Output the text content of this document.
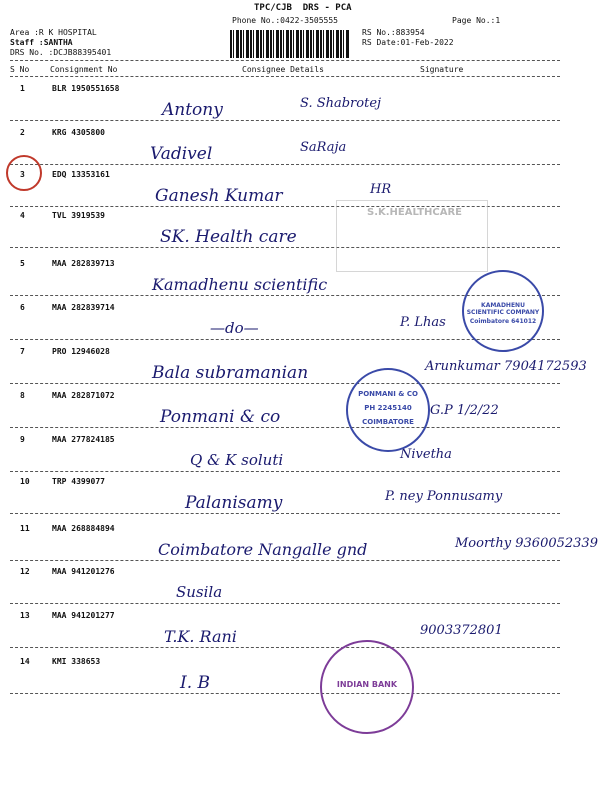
TPC/CJB  DRS - PCA
Phone No.:0422-3505555	Page No.:1
Area :R K HOSPITAL
Staff :SANTHA
DRS No. :DCJB88395401
RS No.:883954
RS Date:01-Feb-2022
S No	Consignment No	Consignee Details	Signature
1	BLR 1950551658
Antony	S. Shabrotej
2	KRG 4305800
Vadivel	SaRaja
3	EDQ 13353161
Ganesh Kumar	HR
4	TVL 3919539
SK. Health care
5	MAA 282839713
Kamadhenu scientific
6	MAA 282839714
—do—	P. Lhas
7	PRO 12946028
Bala subramanian	Arunkumar 7904172593
8	MAA 282871072
Ponmani & co	G.P 1/2/22
9	MAA 277824185
Q & K soluti	Nivetha
10	TRP 4399077
Palanisamy	P. ney Ponnusamy
11	MAA 268884894
Coimbatore Nangalle gnd	Moorthy 9360052339
12	MAA 941201276
Susila
13	MAA 941201277
T.K. Rani	9003372801
14	KMI 338653
I. B
S.K.HEALTHCARE
KAMADHENU SCIENTIFIC COMPANY
Coimbatore 641012
PONMANI & CO
PH 2245140
COIMBATORE
INDIAN BANK
